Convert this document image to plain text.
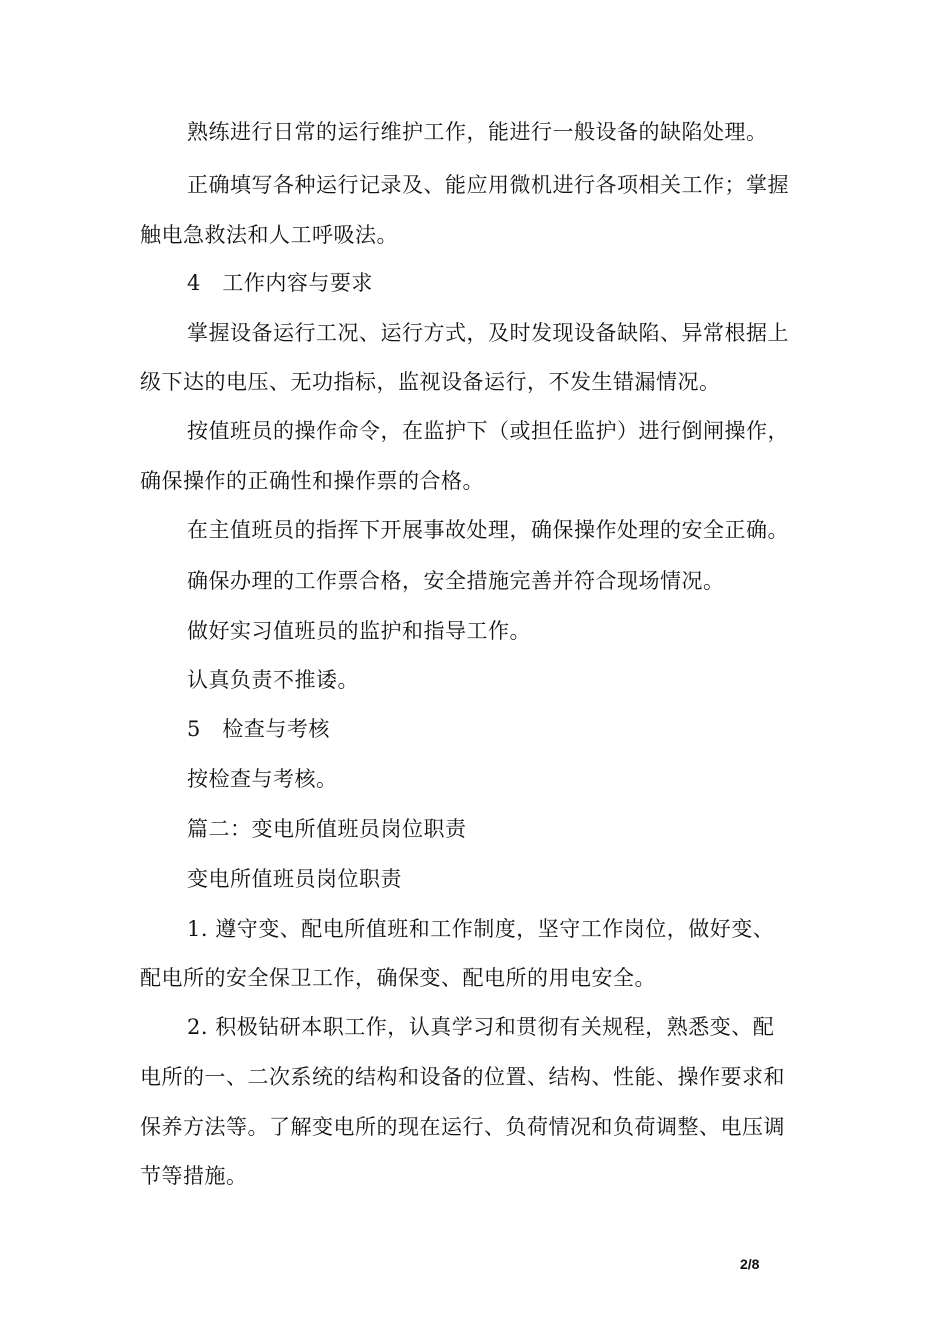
熟练进行日常的运行维护工作，能进行一般设备的缺陷处理。
正确填写各种运行记录及、能应用微机进行各项相关工作；掌握
触电急救法和人工呼吸法。
4　工作内容与要求
掌握设备运行工况、运行方式，及时发现设备缺陷、异常根据上
级下达的电压、无功指标，监视设备运行，不发生错漏情况。
按值班员的操作命令，在监护下（或担任监护）进行倒闸操作，
确保操作的正确性和操作票的合格。
在主值班员的指挥下开展事故处理，确保操作处理的安全正确。
确保办理的工作票合格，安全措施完善并符合现场情况。
做好实习值班员的监护和指导工作。
认真负责不推诿。
5　检查与考核
按检查与考核。
篇二：变电所值班员岗位职责
变电所值班员岗位职责
1. 遵守变、配电所值班和工作制度，坚守工作岗位，做好变、
配电所的安全保卫工作，确保变、配电所的用电安全。
2. 积极钻研本职工作，认真学习和贯彻有关规程，熟悉变、配
电所的一、二次系统的结构和设备的位置、结构、性能、操作要求和
保养方法等。了解变电所的现在运行、负荷情况和负荷调整、电压调
节等措施。
2/8
